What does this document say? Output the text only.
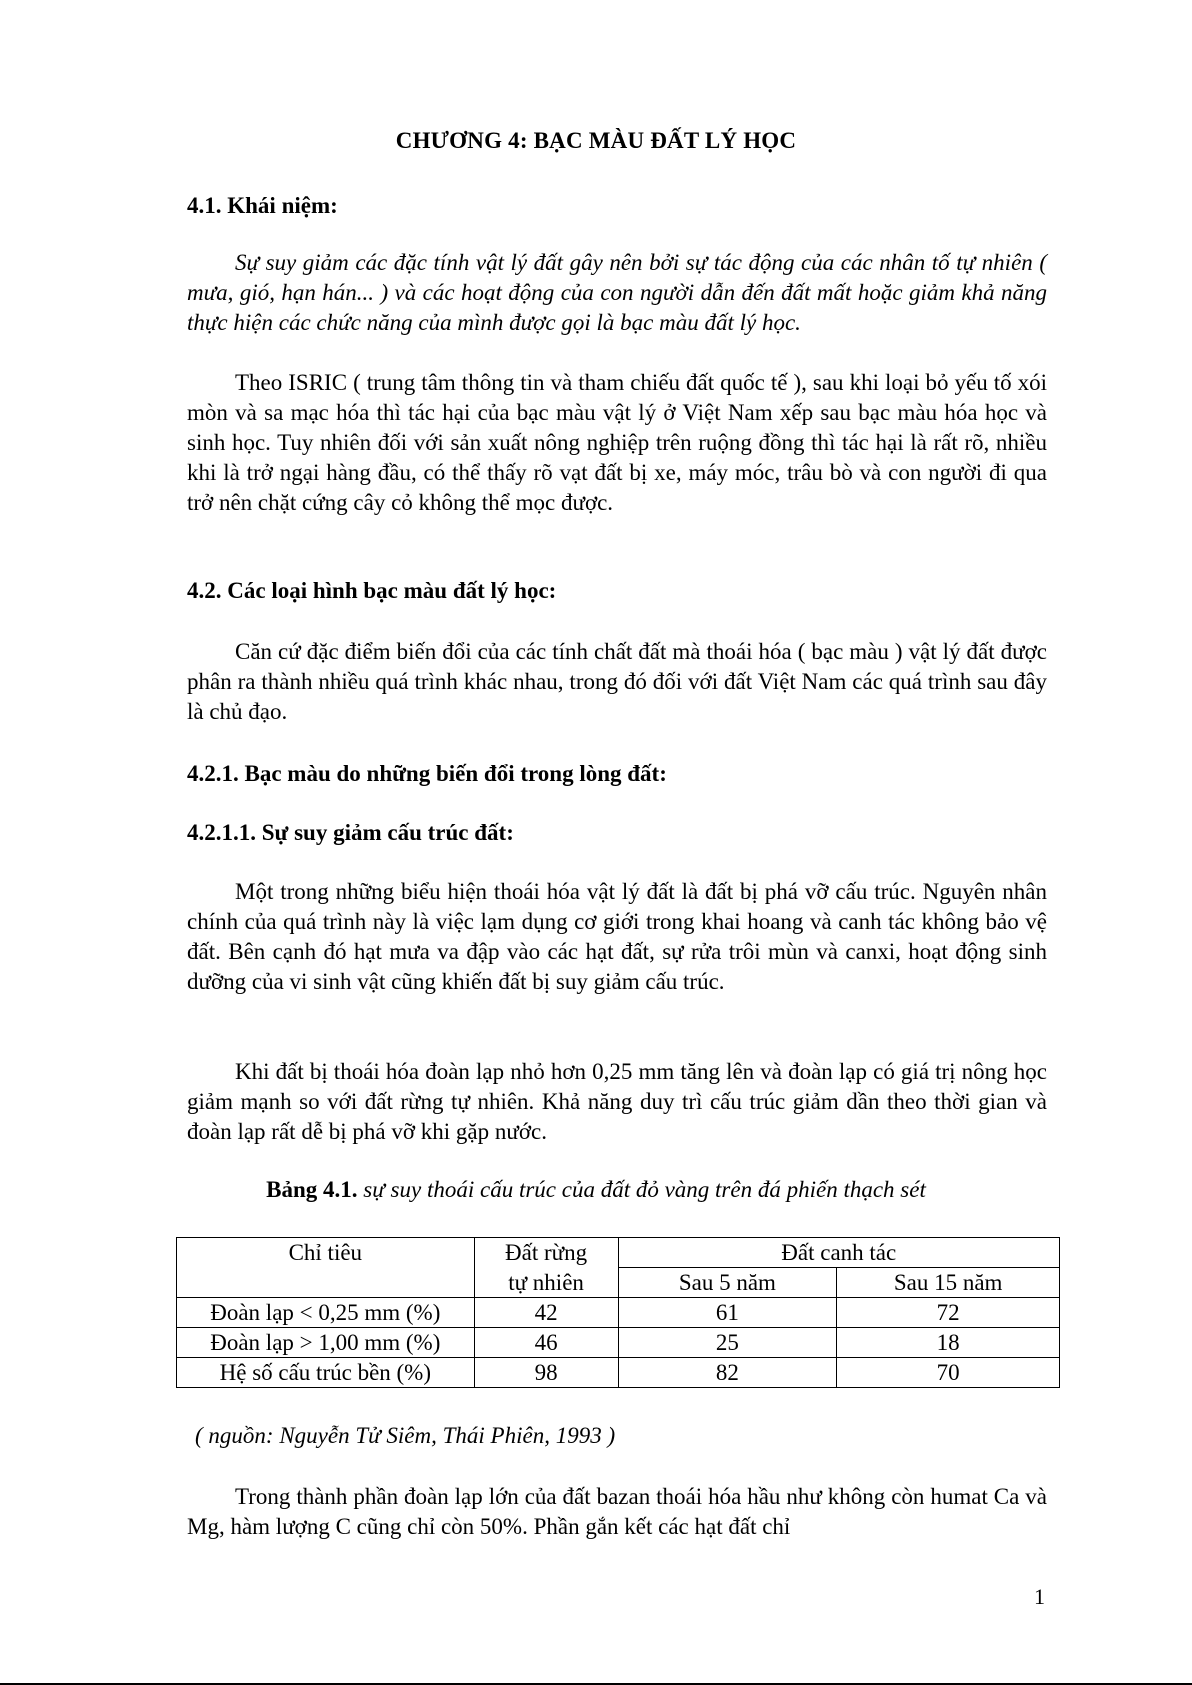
CHƯƠNG 4: BẠC MÀU ĐẤT LÝ HỌC
4.1. Khái niệm:

Sự suy giảm các đặc tính vật lý đất gây nên bởi sự tác động của các nhân tố tự nhiên ( mưa, gió, hạn hán... ) và các hoạt động của con người dẫn đến đất mất hoặc giảm khả năng thực hiện các chức năng của mình được gọi là bạc màu đất lý học.

Theo ISRIC ( trung tâm thông tin và tham chiếu đất quốc tế ), sau khi loại bỏ yếu tố xói mòn và sa mạc hóa thì tác hại của bạc màu vật lý ở Việt Nam xếp sau bạc màu hóa học và sinh học. Tuy nhiên đối với sản xuất nông nghiệp trên ruộng đồng thì tác hại là rất rõ, nhiều khi là trở ngại hàng đầu, có thể thấy rõ vạt đất bị xe, máy móc, trâu bò và con người đi qua trở nên chặt cứng cây cỏ không thể mọc được.

4.2. Các loại hình bạc màu đất lý học:

Căn cứ đặc điểm biến đổi của các tính chất đất mà thoái hóa ( bạc màu ) vật lý đất được phân ra thành nhiều quá trình khác nhau, trong đó đối với đất Việt Nam các quá trình sau đây là chủ đạo.

4.2.1. Bạc màu do những biến đổi trong lòng đất:
4.2.1.1. Sự suy giảm cấu trúc đất:

Một trong những biểu hiện thoái hóa vật lý đất là đất bị phá vỡ cấu trúc. Nguyên nhân chính của quá trình này là việc lạm dụng cơ giới trong khai hoang và canh tác không bảo vệ đất. Bên cạnh đó hạt mưa va đập vào các hạt đất, sự rửa trôi mùn và canxi, hoạt động sinh dưỡng của vi sinh vật cũng khiến đất bị suy giảm cấu trúc.

Khi đất bị thoái hóa đoàn lạp nhỏ hơn 0,25 mm tăng lên và đoàn lạp có giá trị nông học giảm mạnh so với đất rừng tự nhiên. Khả năng duy trì cấu trúc giảm dần theo thời gian và đoàn lạp rất dễ bị phá vỡ khi gặp nước.

Bảng 4.1. sự suy thoái cấu trúc của đất đỏ vàng trên đá phiến thạch sét
Chỉ tiêu	Đất rừng	Đất canh tác	
	tự nhiên	Sau 5 năm	Sau 15 năm
Đoàn lạp < 0,25 mm (%)	42	61	72
Đoàn lạp > 1,00 mm (%)	46	25	18
Hệ số cấu trúc bền (%)	98	82	70
( nguồn: Nguyễn Tử Siêm, Thái Phiên, 1993 )

Trong thành phần đoàn lạp lớn của đất bazan thoái hóa hầu như không còn humat Ca và Mg, hàm lượng C cũng chỉ còn 50%. Phần gắn kết các hạt đất chỉ

1
